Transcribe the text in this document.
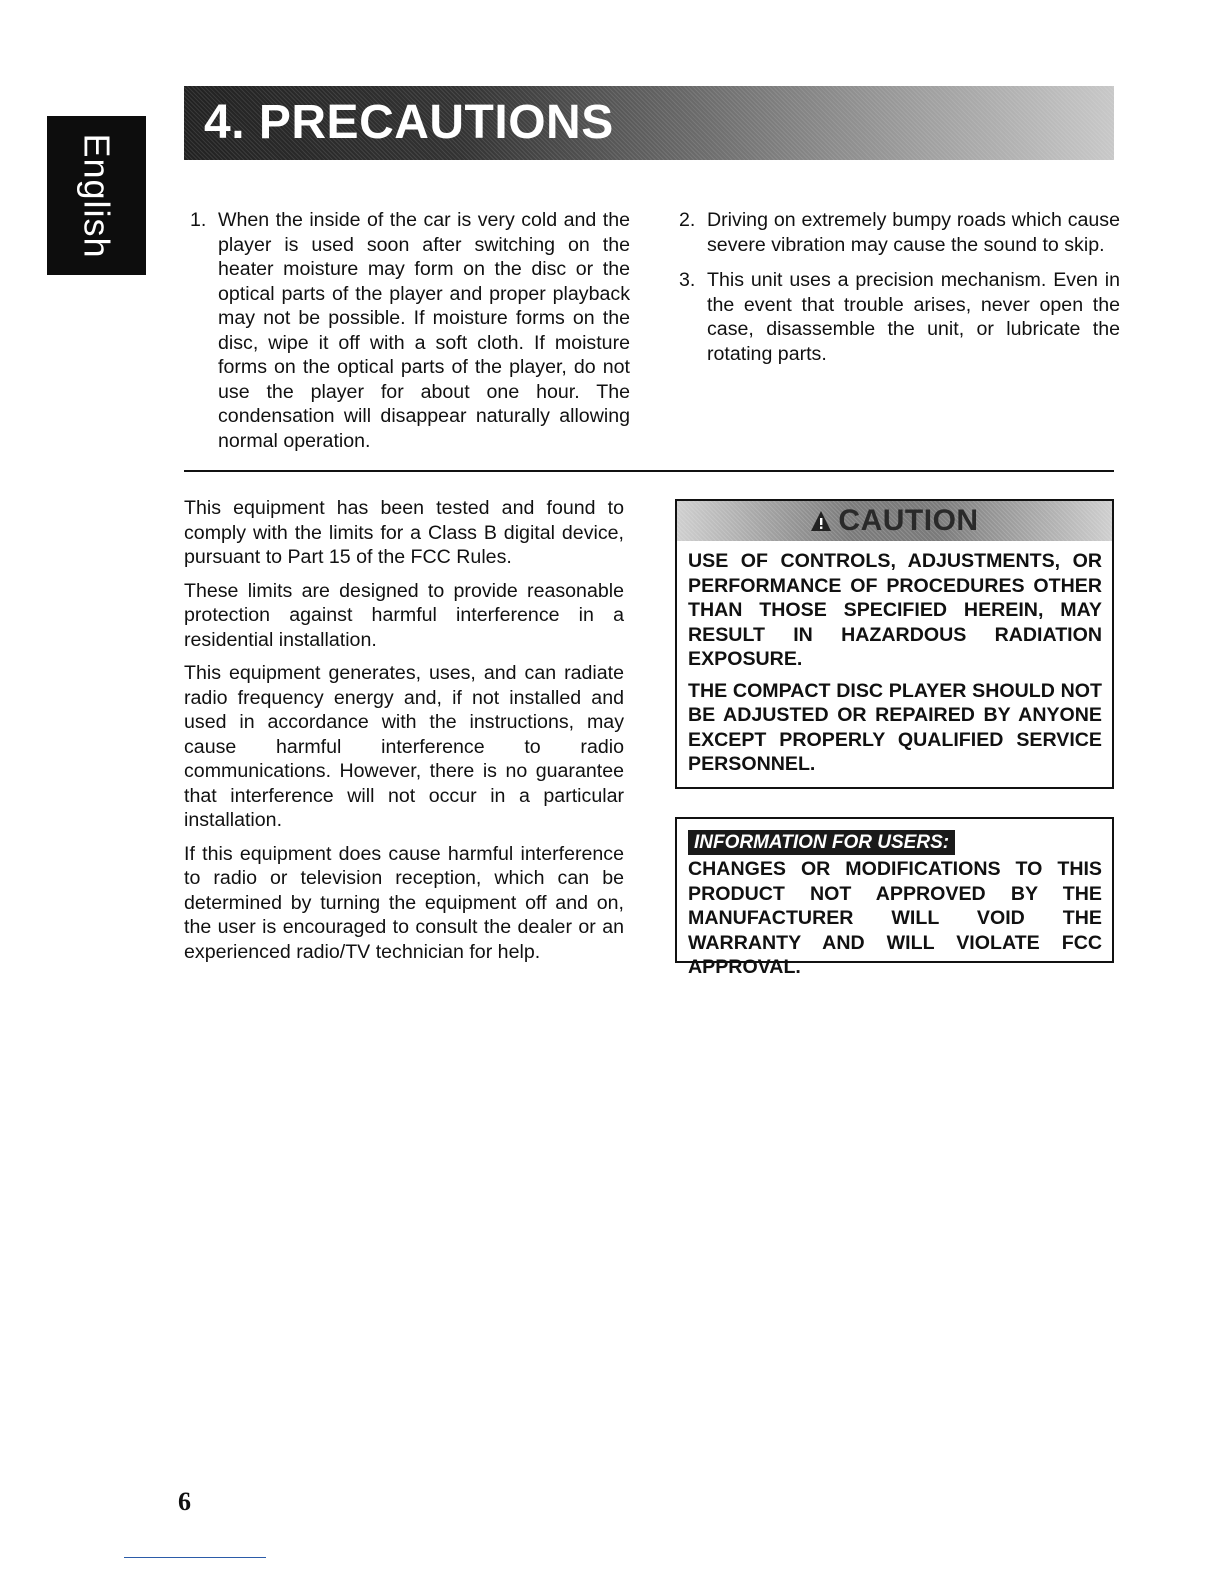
English
4. PRECAUTIONS
1. When the inside of the car is very cold and the player is used soon after switching on the heater moisture may form on the disc or the optical parts of the player and proper playback may not be possible. If moisture forms on the disc, wipe it off with a soft cloth. If moisture forms on the optical parts of the player, do not use the player for about one hour. The condensation will disappear naturally allowing normal operation.
2. Driving on extremely bumpy roads which cause severe vibration may cause the sound to skip.
3. This unit uses a precision mechanism. Even in the event that trouble arises, never open the case, disassemble the unit, or lubricate the rotating parts.

This equipment has been tested and found to comply with the limits for a Class B digital device, pursuant to Part 15 of the FCC Rules.

These limits are designed to provide reasonable protection against harmful interference in a residential installation.

This equipment generates, uses, and can radiate radio frequency energy and, if not installed and used in accordance with the instructions, may cause harmful interference to radio communications. However, there is no guarantee that interference will not occur in a particular installation.

If this equipment does cause harmful interference to radio or television reception, which can be determined by turning the equipment off and on, the user is encouraged to consult the dealer or an experienced radio/TV technician for help.

CAUTION

USE OF CONTROLS, ADJUSTMENTS, OR PERFORMANCE OF PROCEDURES OTHER THAN THOSE SPECIFIED HEREIN, MAY RESULT IN HAZARDOUS RADIATION EXPOSURE.

THE COMPACT DISC PLAYER SHOULD NOT BE ADJUSTED OR REPAIRED BY ANYONE EXCEPT PROPERLY QUALIFIED SERVICE PERSONNEL.

INFORMATION FOR USERS:

CHANGES OR MODIFICATIONS TO THIS PRODUCT NOT APPROVED BY THE MANUFACTURER WILL VOID THE WARRANTY AND WILL VIOLATE FCC APPROVAL.

6
